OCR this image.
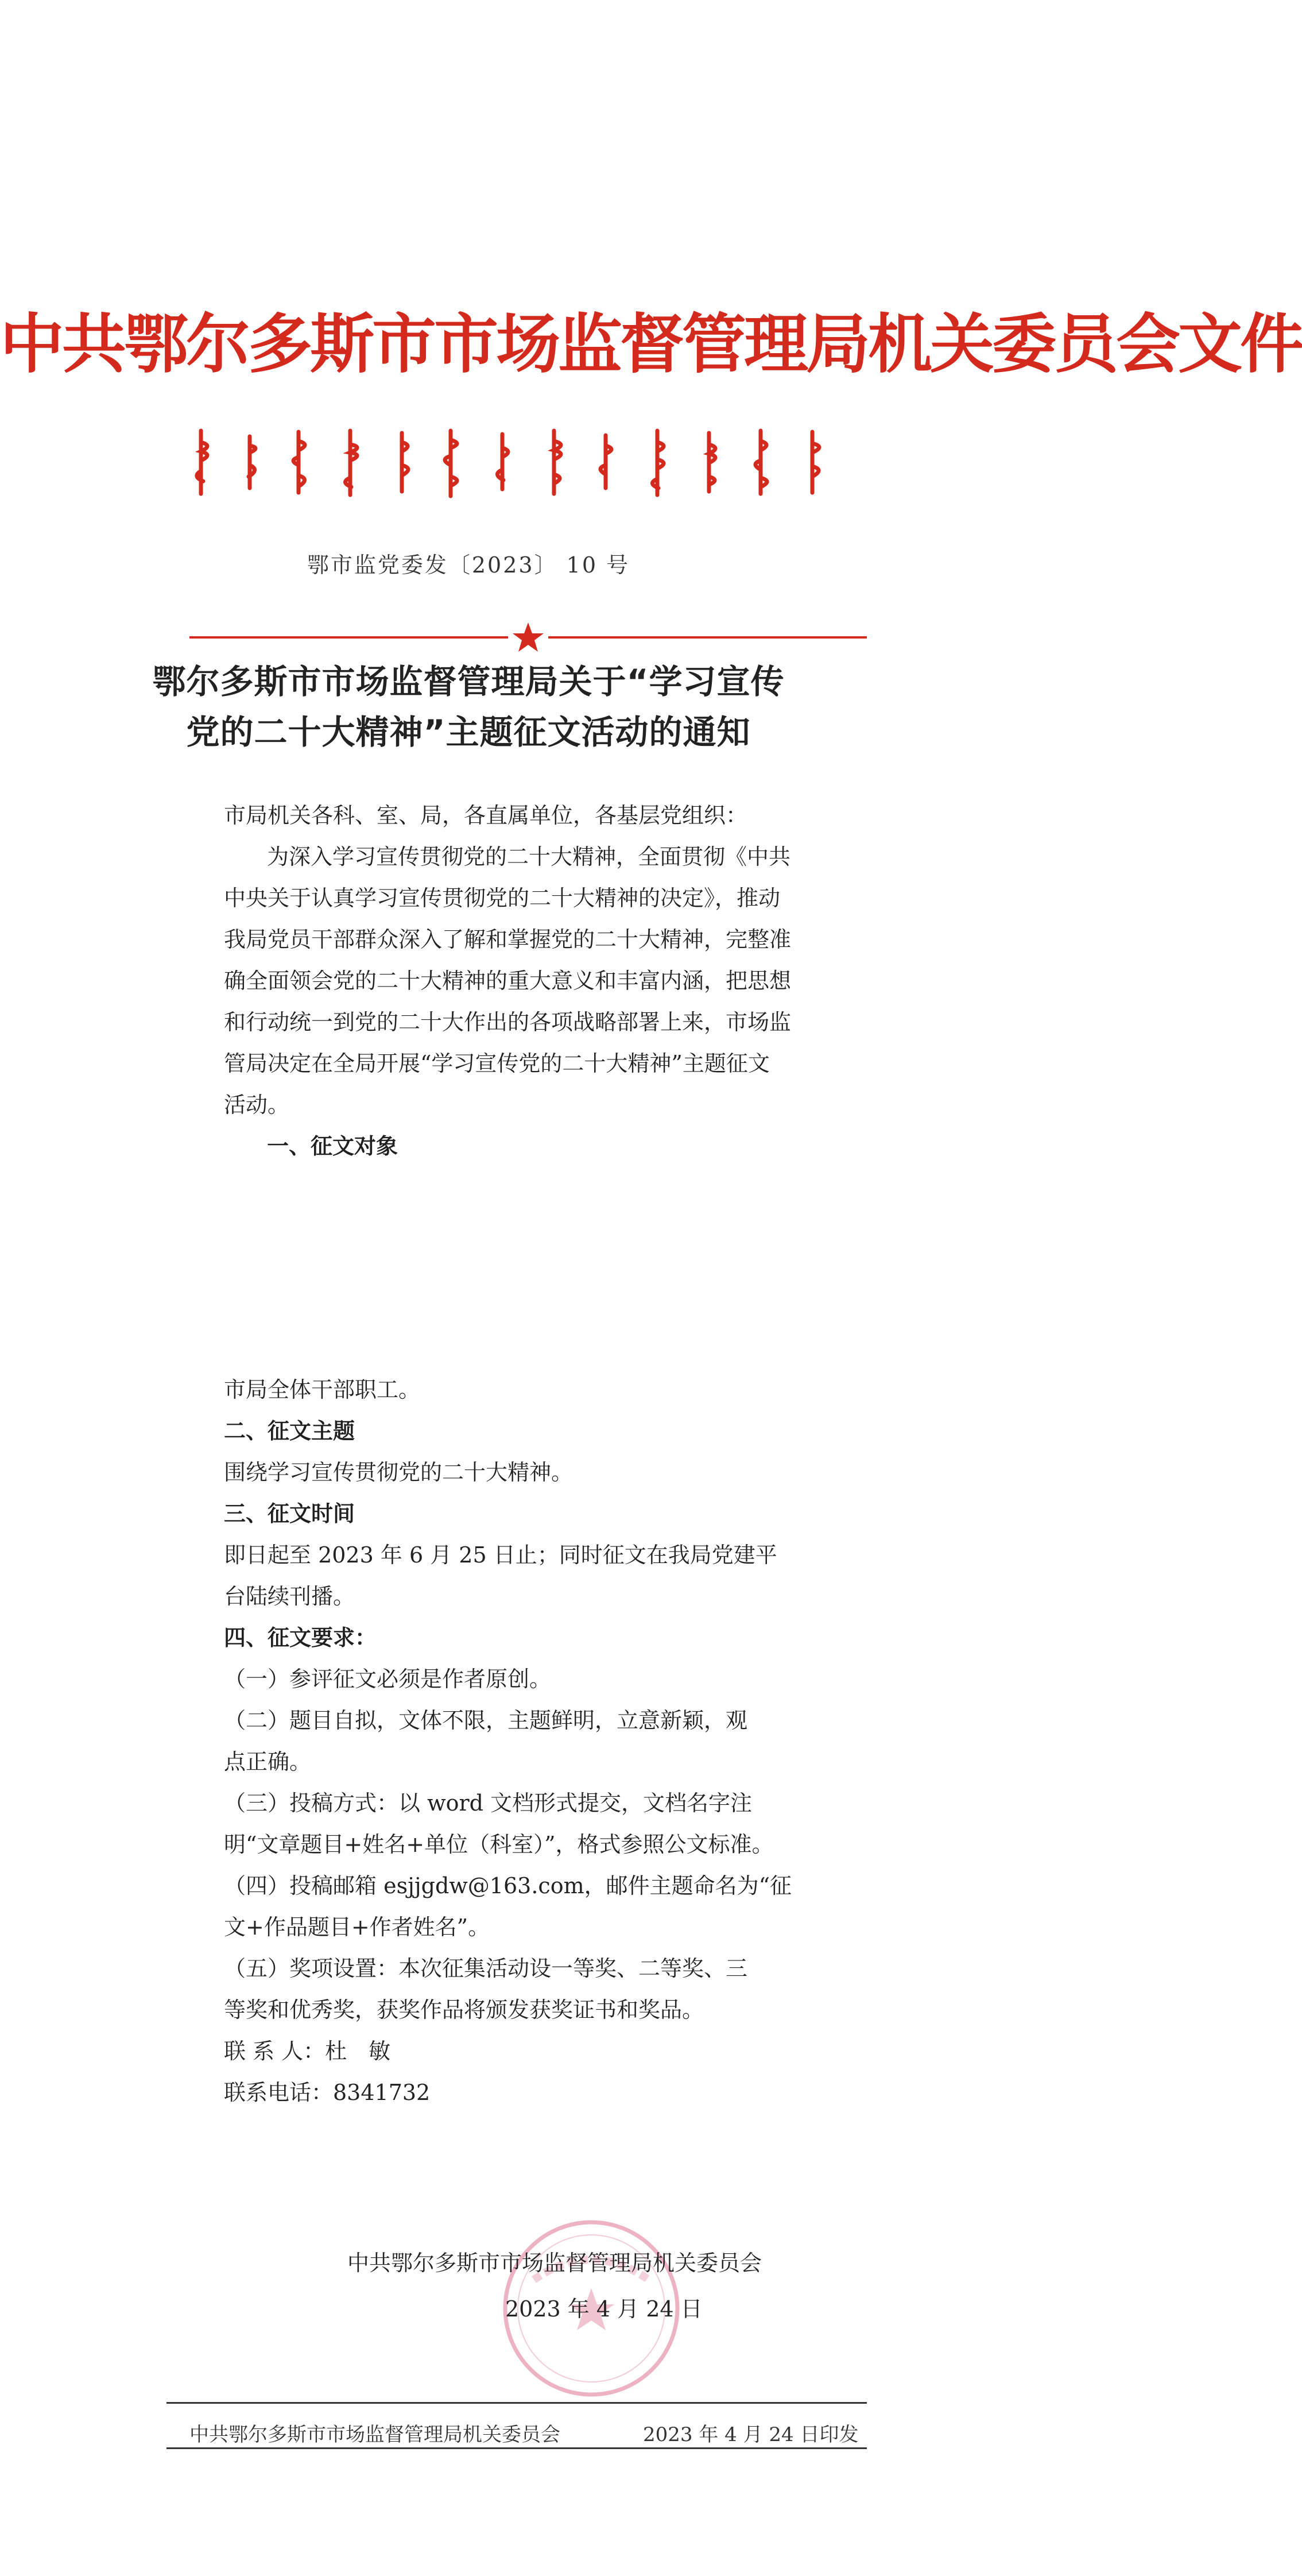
中共鄂尔多斯市市场监督管理局机关委员会文件
鄂市监党委发〔2023〕 10 号
鄂尔多斯市市场监督管理局关于“学习宣传
党的二十大精神”主题征文活动的通知
市局机关各科、室、局，各直属单位，各基层党组织：
为深入学习宣传贯彻党的二十大精神，全面贯彻《中共
中央关于认真学习宣传贯彻党的二十大精神的决定》，推动
我局党员干部群众深入了解和掌握党的二十大精神，完整准
确全面领会党的二十大精神的重大意义和丰富内涵，把思想
和行动统一到党的二十大作出的各项战略部署上来，市场监
管局决定在全局开展“学习宣传党的二十大精神”主题征文
活动。
一、征文对象
市局全体干部职工。
二、征文主题
围绕学习宣传贯彻党的二十大精神。
三、征文时间
即日起至 2023 年 6 月 25 日止；同时征文在我局党建平
台陆续刊播。
四、征文要求：
（一）参评征文必须是作者原创。
（二）题目自拟，文体不限，主题鲜明，立意新颖，观
点正确。
（三）投稿方式：以 word 文档形式提交，文档名字注
明“文章题目+姓名+单位（科室）”，格式参照公文标准。
（四）投稿邮箱 esjjgdw@163.com，邮件主题命名为“征
文+作品题目+作者姓名”。
（五）奖项设置：本次征集活动设一等奖、二等奖、三
等奖和优秀奖，获奖作品将颁发获奖证书和奖品。
联 系 人：杜　敏
联系电话：8341732
中共鄂尔多斯市市场监督管理局机关委员会
2023 年 4 月 24 日
中共鄂尔多斯市市场监督管理局机关委员会	2023 年 4 月 24 日印发
